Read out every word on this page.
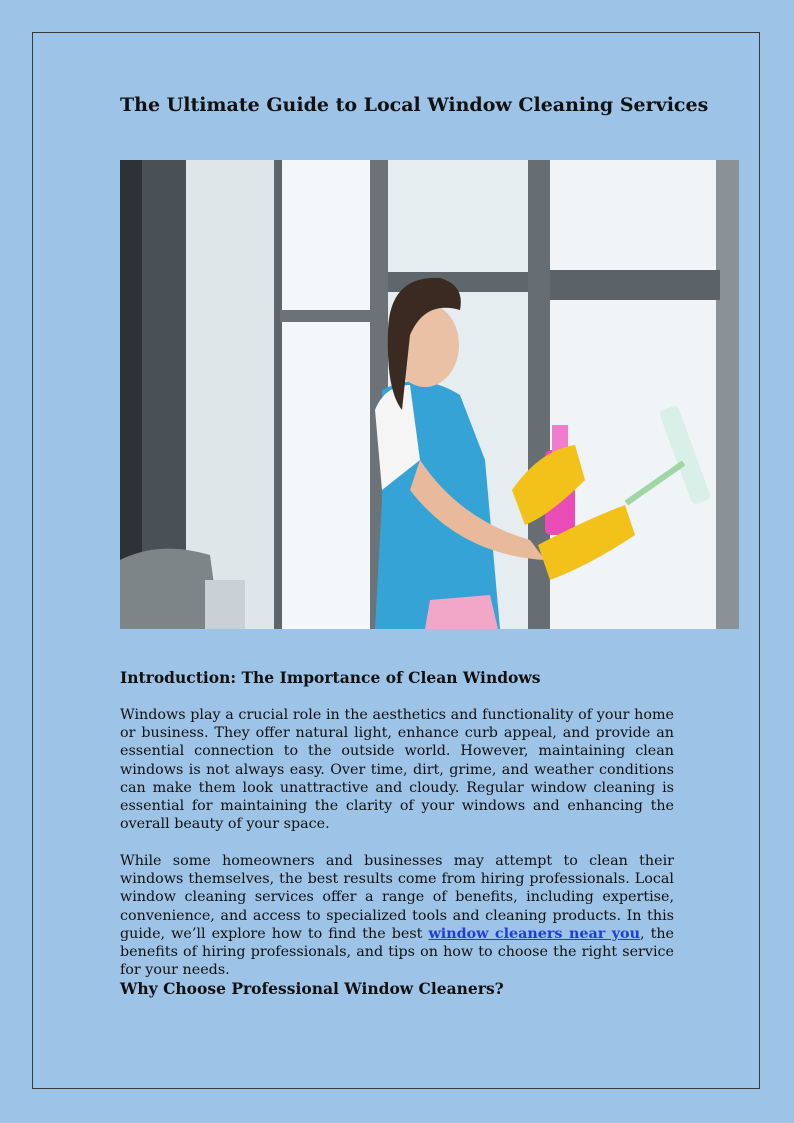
The Ultimate Guide to Local Window Cleaning Services
Introduction: The Importance of Clean Windows

Windows play a crucial role in the aesthetics and functionality of your home or business. They offer natural light, enhance curb appeal, and provide an essential connection to the outside world. However, maintaining clean windows is not always easy. Over time, dirt, grime, and weather conditions can make them look unattractive and cloudy. Regular window cleaning is essential for maintaining the clarity of your windows and enhancing the overall beauty of your space.

While some homeowners and businesses may attempt to clean their windows themselves, the best results come from hiring professionals. Local window cleaning services offer a range of benefits, including expertise, convenience, and access to specialized tools and cleaning products. In this guide, we’ll explore how to find the best window cleaners near you, the benefits of hiring professionals, and tips on how to choose the right service for your needs.

Why Choose Professional Window Cleaners?
